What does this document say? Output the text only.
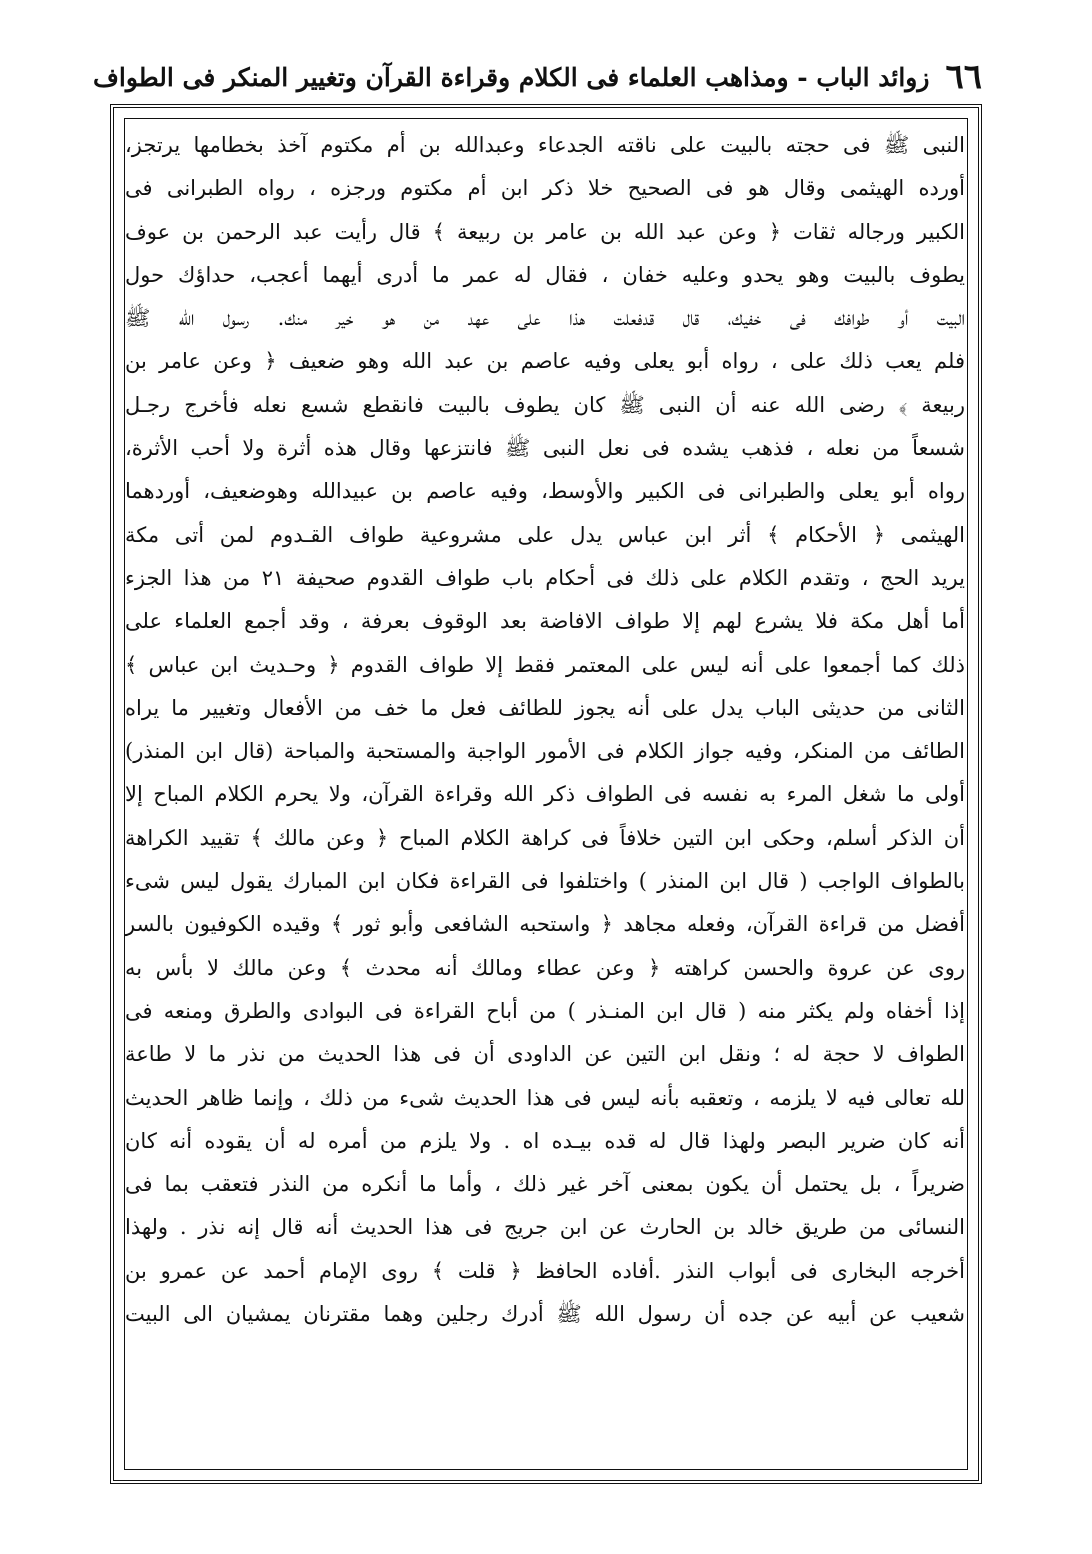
٦٦
زوائد الباب - ومذاهب العلماء فى الكلام وقراءة القرآن وتغيير المنكر فى الطواف
النبى ﷺ فى حجته بالبيت على ناقته الجدعاء وعبدالله بن أم مكتوم آخذ بخطامها يرتجز،
أورده الهيثمى وقال هو فى الصحيح خلا ذكر ابن أم مكتوم ورجزه ، رواه الطبرانى فى
الكبير ورجاله ثقات ﴿ وعن عبد الله بن عامر بن ربيعة ﴾ قال رأيت عبد الرحمن بن عوف
يطوف بالبيت وهو يحدو وعليه خفان ، فقال له عمر ما أدرى أيهما أعجب، حداؤك حول
البيت أو طوافك فى خفيك، قال قدفعلت هذا على عهد من هو خير منك. رسول الله ﷺ
فلم يعب ذلك على ، رواه أبو يعلى وفيه عاصم بن عبد الله وهو ضعيف ﴿ وعن عامر بن
ربيعة ﴾ رضى الله عنه أن النبى ﷺ كان يطوف بالبيت فانقطع شسع نعله فأخرج رجـل
شسعاً من نعله ، فذهب يشده فى نعل النبى ﷺ فانتزعها وقال هذه أثرة ولا أحب الأثرة،
رواه أبو يعلى والطبرانى فى الكبير والأوسط، وفيه عاصم بن عبيدالله وهوضعيف، أوردهما
الهيثمى ﴿ الأحكام ﴾ أثر ابن عباس يدل على مشروعية طواف القـدوم لمن أتى مكة
يريد الحج ، وتقدم الكلام على ذلك فى أحكام باب طواف القدوم صحيفة ٢١ من هذا الجزء
أما أهل مكة فلا يشرع لهم إلا طواف الافاضة بعد الوقوف بعرفة ، وقد أجمع العلماء على
ذلك كما أجمعوا على أنه ليس على المعتمر فقط إلا طواف القدوم ﴿ وحـديث ابن عباس ﴾
الثانى من حديثى الباب يدل على أنه يجوز للطائف فعل ما خف من الأفعال وتغيير ما يراه
الطائف من المنكر، وفيه جواز الكلام فى الأمور الواجبة والمستحبة والمباحة (قال ابن المنذر)
أولى ما شغل المرء به نفسه فى الطواف ذكر الله وقراءة القرآن، ولا يحرم الكلام المباح إلا
أن الذكر أسلم، وحكى ابن التين خلافاً فى كراهة الكلام المباح ﴿ وعن مالك ﴾ تقييد الكراهة
بالطواف الواجب ( قال ابن المنذر ) واختلفوا فى القراءة فكان ابن المبارك يقول ليس شىء
أفضل من قراءة القرآن، وفعله مجاهد ﴿ واستحبه الشافعى وأبو ثور ﴾ وقيده الكوفيون بالسر
روى عن عروة والحسن كراهته ﴿ وعن عطاء ومالك أنه محدث ﴾ وعن مالك لا بأس به
إذا أخفاه ولم يكثر منه ( قال ابن المنـذر ) من أباح القراءة فى البوادى والطرق ومنعه فى
الطواف لا حجة له ؛ ونقل ابن التين عن الداودى أن فى هذا الحديث من نذر ما لا طاعة
لله تعالى فيه لا يلزمه ، وتعقبه بأنه ليس فى هذا الحديث شىء من ذلك ، وإنما ظاهر الحديث
أنه كان ضرير البصر ولهذا قال له قده بيـده اه . ولا يلزم من أمره له أن يقوده أنه كان
ضريراً ، بل يحتمل أن يكون بمعنى آخر غير ذلك ، وأما ما أنكره من النذر فتعقب بما فى
النسائى من طريق خالد بن الحارث عن ابن جريج فى هذا الحديث أنه قال إنه نذر . ولهذا
أخرجه البخارى فى أبواب النذر .أفاده الحافظ ﴿ قلت ﴾ روى الإمام أحمد عن عمرو بن
شعيب عن أبيه عن جده أن رسول الله ﷺ أدرك رجلين وهما مقترنان يمشيان الى البيت
